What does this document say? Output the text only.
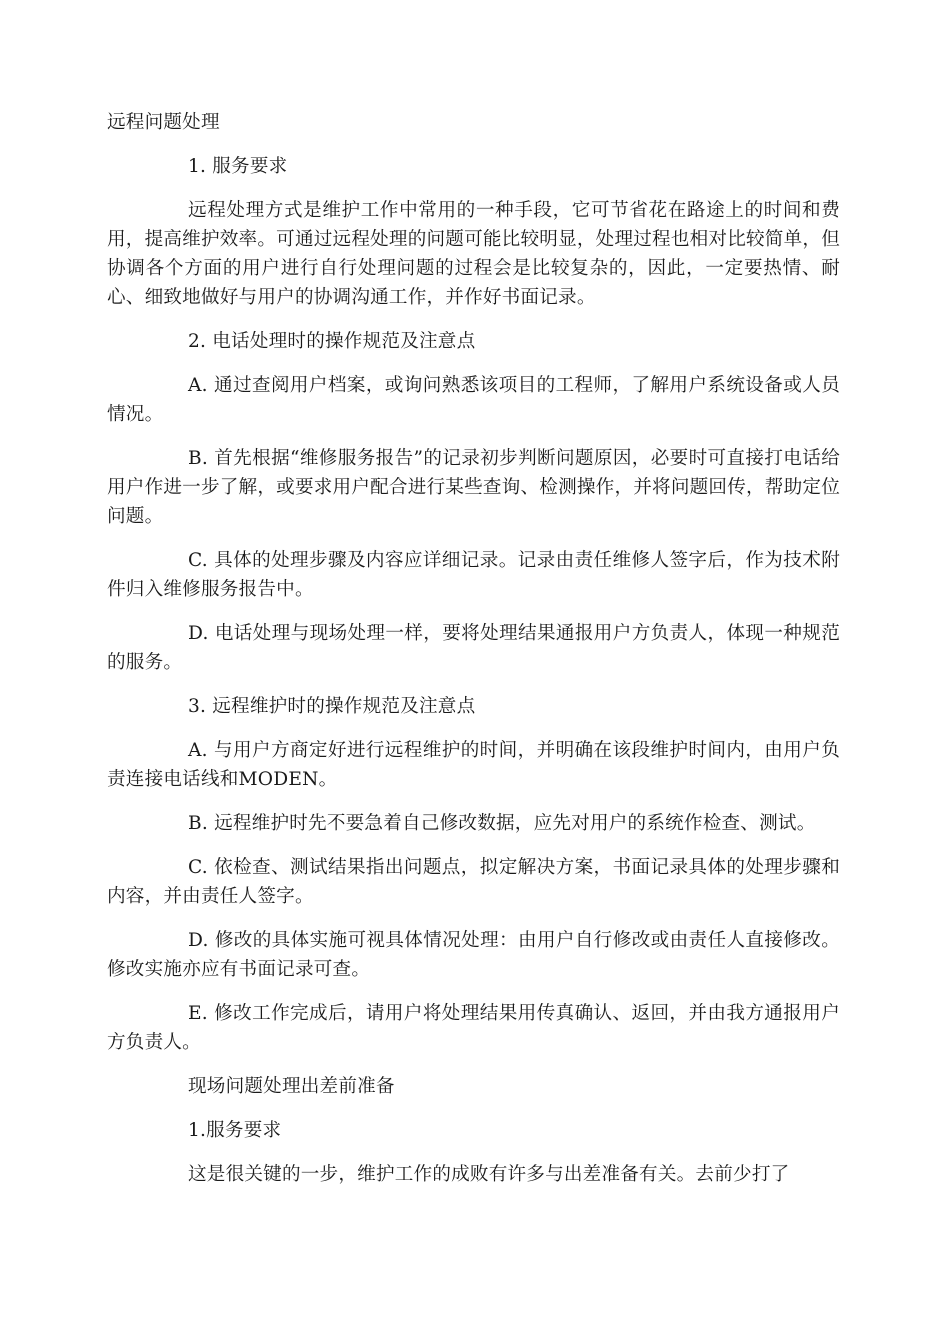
远程问题处理

1. 服务要求

远程处理方式是维护工作中常用的一种手段，它可节省花在路途上的时间和费用，提高维护效率。可通过远程处理的问题可能比较明显，处理过程也相对比较简单，但协调各个方面的用户进行自行处理问题的过程会是比较复杂的，因此，一定要热情、耐心、细致地做好与用户的协调沟通工作，并作好书面记录。

2. 电话处理时的操作规范及注意点

A. 通过查阅用户档案，或询问熟悉该项目的工程师，了解用户系统设备或人员情况。

B. 首先根据“维修服务报告”的记录初步判断问题原因，必要时可直接打电话给用户作进一步了解，或要求用户配合进行某些查询、检测操作，并将问题回传，帮助定位问题。

C. 具体的处理步骤及内容应详细记录。记录由责任维修人签字后，作为技术附件归入维修服务报告中。

D. 电话处理与现场处理一样，要将处理结果通报用户方负责人，体现一种规范的服务。

3. 远程维护时的操作规范及注意点

A. 与用户方商定好进行远程维护的时间，并明确在该段维护时间内，由用户负责连接电话线和MODEN。

B. 远程维护时先不要急着自己修改数据，应先对用户的系统作检查、测试。

C. 依检查、测试结果指出问题点，拟定解决方案，书面记录具体的处理步骤和内容，并由责任人签字。

D. 修改的具体实施可视具体情况处理：由用户自行修改或由责任人直接修改。修改实施亦应有书面记录可查。

E. 修改工作完成后，请用户将处理结果用传真确认、返回，并由我方通报用户方负责人。

现场问题处理出差前准备

1.服务要求

这是很关键的一步，维护工作的成败有许多与出差准备有关。去前少打了
